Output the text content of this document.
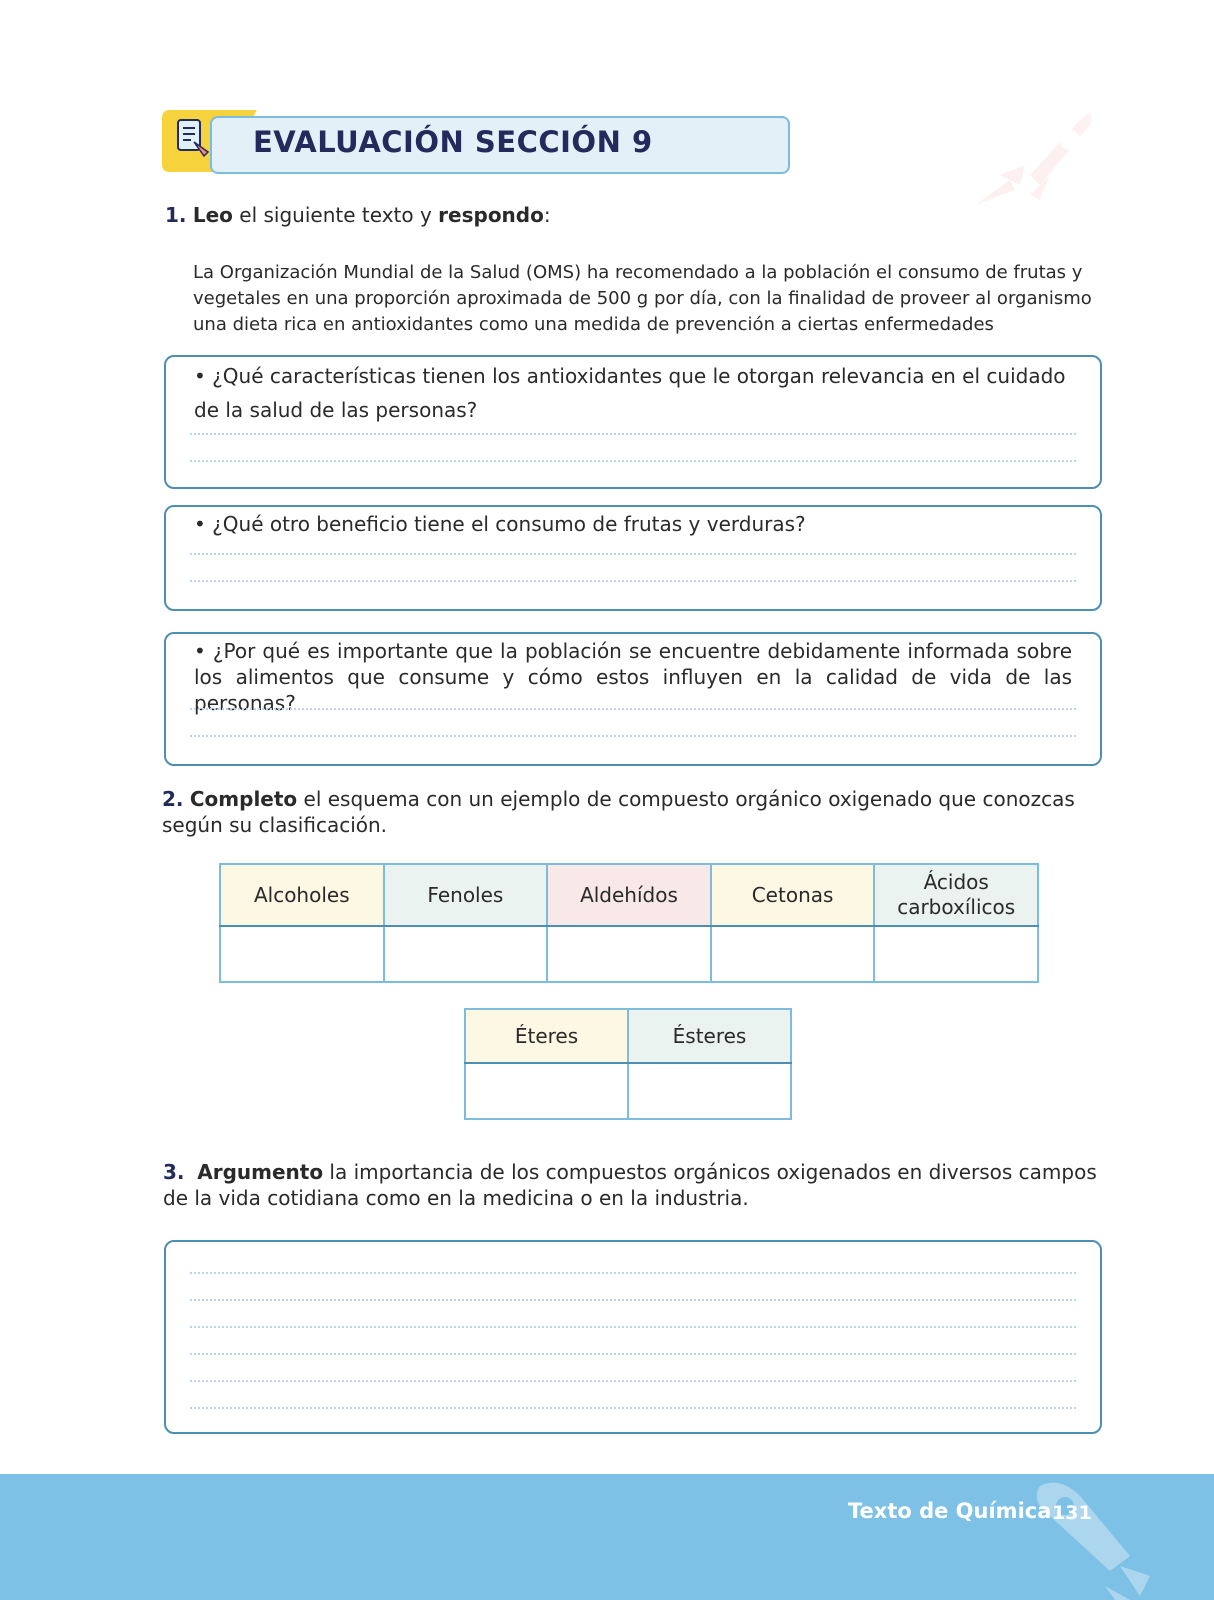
EVALUACIÓN SECCIÓN 9
1. Leo el siguiente texto y respondo:
La Organización Mundial de la Salud (OMS) ha recomendado a la población el consumo de frutas y vegetales en una proporción aproximada de 500 g por día, con la finalidad de proveer al organismo una dieta rica en antioxidantes como una medida de prevención a ciertas enfermedades
• ¿Qué características tienen los antioxidantes que le otorgan relevancia en el cuidado de la salud de las personas?
• ¿Qué otro beneficio tiene el consumo de frutas y verduras?
• ¿Por qué es importante que la población se encuentre debidamente informada sobre los alimentos que consume y cómo estos influyen en la calidad de vida de las personas?
2. Completo el esquema con un ejemplo de compuesto orgánico oxigenado que conozcas según su clasificación.
Alcoholes	Fenoles	Aldehídos	Cetonas	Ácidos carboxílicos

Éteres	Ésteres

3. Argumento la importancia de los compuestos orgánicos oxigenados en diversos campos de la vida cotidiana como en la medicina o en la industria.
Texto de Química 131
